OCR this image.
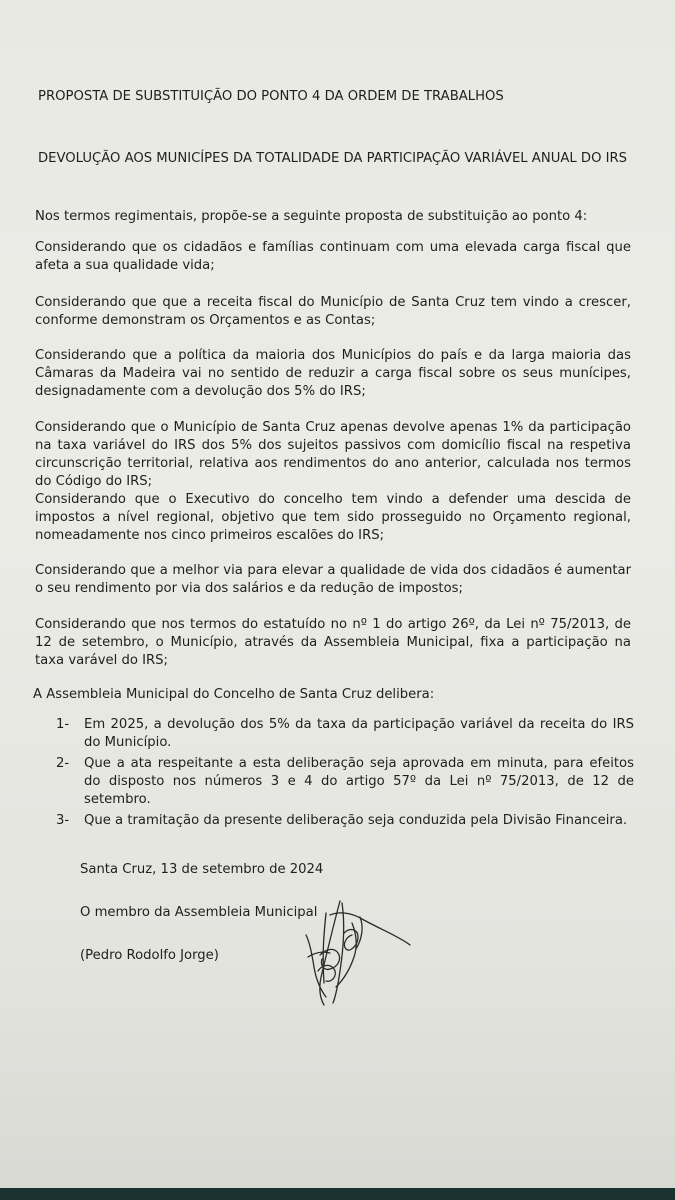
PROPOSTA DE SUBSTITUIÇÃO DO PONTO 4 DA ORDEM DE TRABALHOS

DEVOLUÇÃO AOS MUNICÍPES DA TOTALIDADE DA PARTICIPAÇÃO VARIÁVEL ANUAL DO IRS

Nos termos regimentais, propõe-se a seguinte proposta de substituição ao ponto 4:

Considerando que os cidadãos e famílias continuam com uma elevada carga fiscal que afeta a sua qualidade vida;

Considerando que que a receita fiscal do Município de Santa Cruz tem vindo a crescer, conforme demonstram os Orçamentos e as Contas;

Considerando que a política da maioria dos Municípios do país e da larga maioria das Câmaras da Madeira vai no sentido de reduzir a carga fiscal sobre os seus munícipes, designadamente com a devolução dos 5% do IRS;

Considerando que o Município de Santa Cruz apenas devolve apenas 1% da participação na taxa variável do IRS dos 5% dos sujeitos passivos com domicílio fiscal na respetiva circunscrição territorial, relativa aos rendimentos do ano anterior, calculada nos termos do Código do IRS;

Considerando que o Executivo do concelho tem vindo a defender uma descida de impostos a nível regional, objetivo que tem sido prosseguido no Orçamento regional, nomeadamente nos cinco primeiros escalões do IRS;

Considerando que a melhor via para elevar a qualidade de vida dos cidadãos é aumentar o seu rendimento por via dos salários e da redução de impostos;

Considerando que nos termos do estatuído no nº 1 do artigo 26º, da Lei nº 75/2013, de 12 de setembro, o Município, através da Assembleia Municipal, fixa a participação na taxa varável do IRS;

A Assembleia Municipal do Concelho de Santa Cruz delibera:

1- Em 2025, a devolução dos 5% da taxa da participação variável da receita do IRS do Município.
2- Que a ata respeitante a esta deliberação seja aprovada em minuta, para efeitos do disposto nos números 3 e 4 do artigo 57º da Lei nº 75/2013, de 12 de setembro.
3- Que a tramitação da presente deliberação seja conduzida pela Divisão Financeira.

Santa Cruz, 13 de setembro de 2024

O membro da Assembleia Municipal

(Pedro Rodolfo Jorge)
